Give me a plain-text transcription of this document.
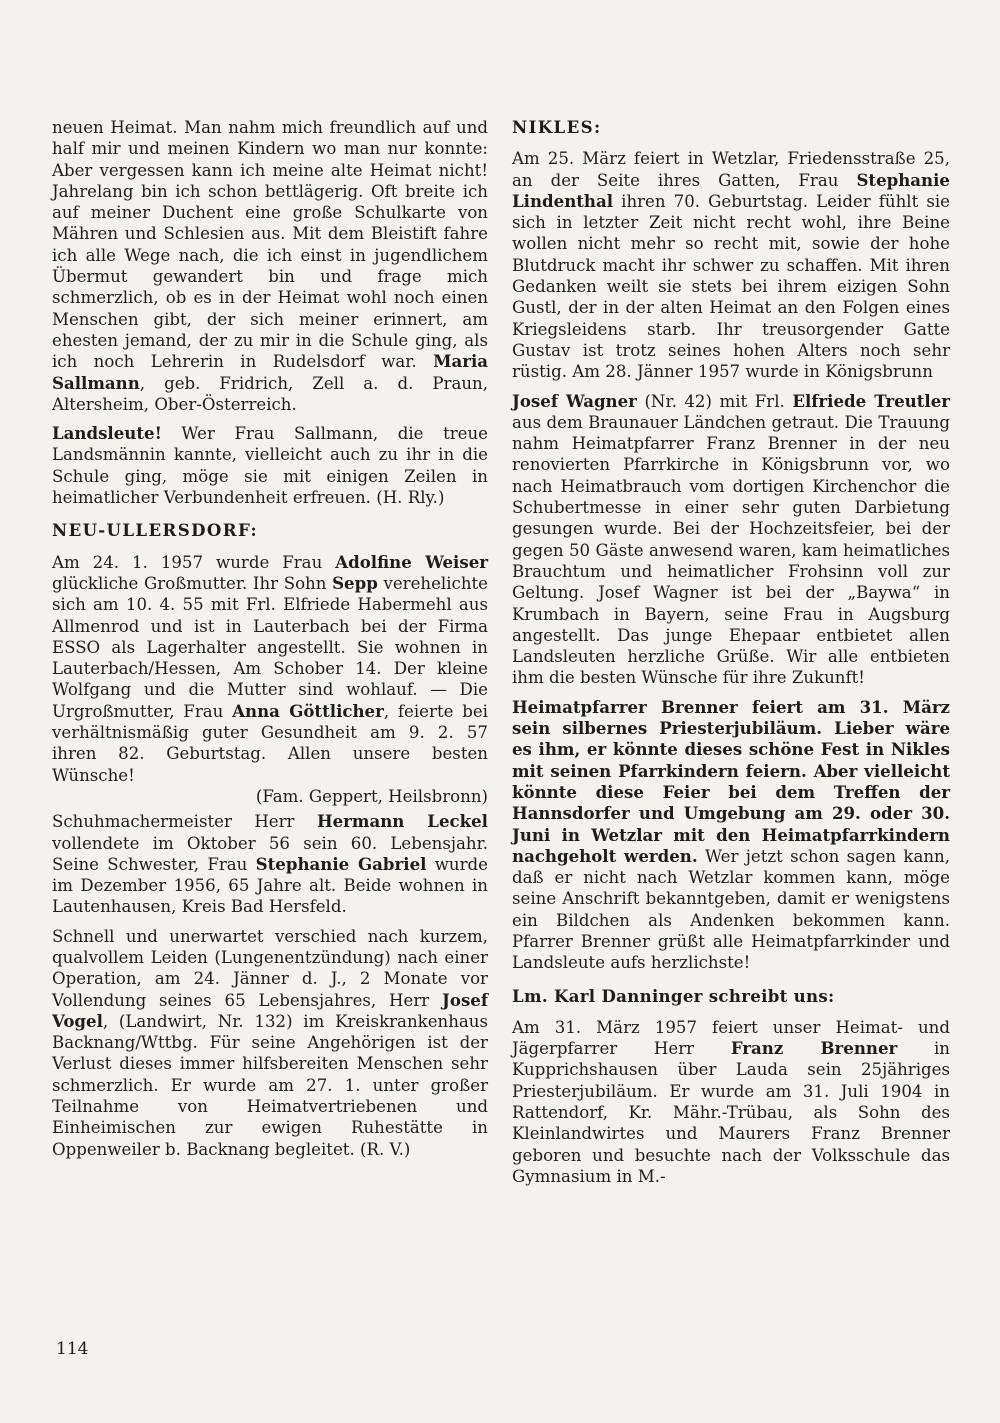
neuen Heimat. Man nahm mich freundlich auf und half mir und meinen Kindern wo man nur konnte: Aber vergessen kann ich meine alte Heimat nicht! Jahrelang bin ich schon bettlägerig. Oft breite ich auf meiner Duchent eine große Schulkarte von Mähren und Schlesien aus. Mit dem Bleistift fahre ich alle Wege nach, die ich einst in jugendlichem Übermut gewandert bin und frage mich schmerzlich, ob es in der Heimat wohl noch einen Menschen gibt, der sich meiner erinnert, am ehesten jemand, der zu mir in die Schule ging, als ich noch Lehrerin in Rudelsdorf war. Maria Sallmann, geb. Fridrich, Zell a. d. Praun, Altersheim, Ober-Österreich.

Landsleute! Wer Frau Sallmann, die treue Landsmännin kannte, vielleicht auch zu ihr in die Schule ging, möge sie mit einigen Zeilen in heimatlicher Verbundenheit erfreuen. (H. Rly.)

NEU-ULLERSDORF:

Am 24. 1. 1957 wurde Frau Adolfine Weiser glückliche Großmutter. Ihr Sohn Sepp verehelichte sich am 10. 4. 55 mit Frl. Elfriede Habermehl aus Allmenrod und ist in Lauterbach bei der Firma ESSO als Lagerhalter angestellt. Sie wohnen in Lauterbach/Hessen, Am Schober 14. Der kleine Wolfgang und die Mutter sind wohlauf. — Die Urgroßmutter, Frau Anna Göttlicher, feierte bei verhältnismäßig guter Gesundheit am 9. 2. 57 ihren 82. Geburtstag. Allen unsere besten Wünsche!

(Fam. Geppert, Heilsbronn)

Schuhmachermeister Herr Hermann Leckel vollendete im Oktober 56 sein 60. Lebensjahr. Seine Schwester, Frau Stephanie Gabriel wurde im Dezember 1956, 65 Jahre alt. Beide wohnen in Lautenhausen, Kreis Bad Hersfeld.

Schnell und unerwartet verschied nach kurzem, qualvollem Leiden (Lungenentzündung) nach einer Operation, am 24. Jänner d. J., 2 Monate vor Vollendung seines 65 Lebensjahres, Herr Josef Vogel, (Landwirt, Nr. 132) im Kreiskrankenhaus Backnang/Wttbg. Für seine Angehörigen ist der Verlust dieses immer hilfsbereiten Menschen sehr schmerzlich. Er wurde am 27. 1. unter großer Teilnahme von Heimatvertriebenen und Einheimischen zur ewigen Ruhestätte in Oppenweiler b. Backnang begleitet. (R. V.)

NIKLES:

Am 25. März feiert in Wetzlar, Friedensstraße 25, an der Seite ihres Gatten, Frau Stephanie Lindenthal ihren 70. Geburtstag. Leider fühlt sie sich in letzter Zeit nicht recht wohl, ihre Beine wollen nicht mehr so recht mit, sowie der hohe Blutdruck macht ihr schwer zu schaffen. Mit ihren Gedanken weilt sie stets bei ihrem eizigen Sohn Gustl, der in der alten Heimat an den Folgen eines Kriegsleidens starb. Ihr treusorgender Gatte Gustav ist trotz seines hohen Alters noch sehr rüstig. Am 28. Jänner 1957 wurde in Königsbrunn

Josef Wagner (Nr. 42) mit Frl. Elfriede Treutler aus dem Braunauer Ländchen getraut. Die Trauung nahm Heimatpfarrer Franz Brenner in der neu renovierten Pfarrkirche in Königsbrunn vor, wo nach Heimatbrauch vom dortigen Kirchenchor die Schubertmesse in einer sehr guten Darbietung gesungen wurde. Bei der Hochzeitsfeier, bei der gegen 50 Gäste anwesend waren, kam heimatliches Brauchtum und heimatlicher Frohsinn voll zur Geltung. Josef Wagner ist bei der „Baywa“ in Krumbach in Bayern, seine Frau in Augsburg angestellt. Das junge Ehepaar entbietet allen Landsleuten herzliche Grüße. Wir alle entbieten ihm die besten Wünsche für ihre Zukunft!

Heimatpfarrer Brenner feiert am 31. März sein silbernes Priesterjubiläum. Lieber wäre es ihm, er könnte dieses schöne Fest in Nikles mit seinen Pfarrkindern feiern. Aber vielleicht könnte diese Feier bei dem Treffen der Hannsdorfer und Umgebung am 29. oder 30. Juni in Wetzlar mit den Heimatpfarrkindern nachgeholt werden. Wer jetzt schon sagen kann, daß er nicht nach Wetzlar kommen kann, möge seine Anschrift bekanntgeben, damit er wenigstens ein Bildchen als Andenken bekommen kann. Pfarrer Brenner grüßt alle Heimatpfarrkinder und Landsleute aufs herzlichste!

Lm. Karl Danninger schreibt uns:

Am 31. März 1957 feiert unser Heimat- und Jägerpfarrer Herr Franz Brenner in Kupprichshausen über Lauda sein 25jähriges Priesterjubiläum. Er wurde am 31. Juli 1904 in Rattendorf, Kr. Mähr.-Trübau, als Sohn des Kleinlandwirtes und Maurers Franz Brenner geboren und besuchte nach der Volksschule das Gymnasium in M.-

114
